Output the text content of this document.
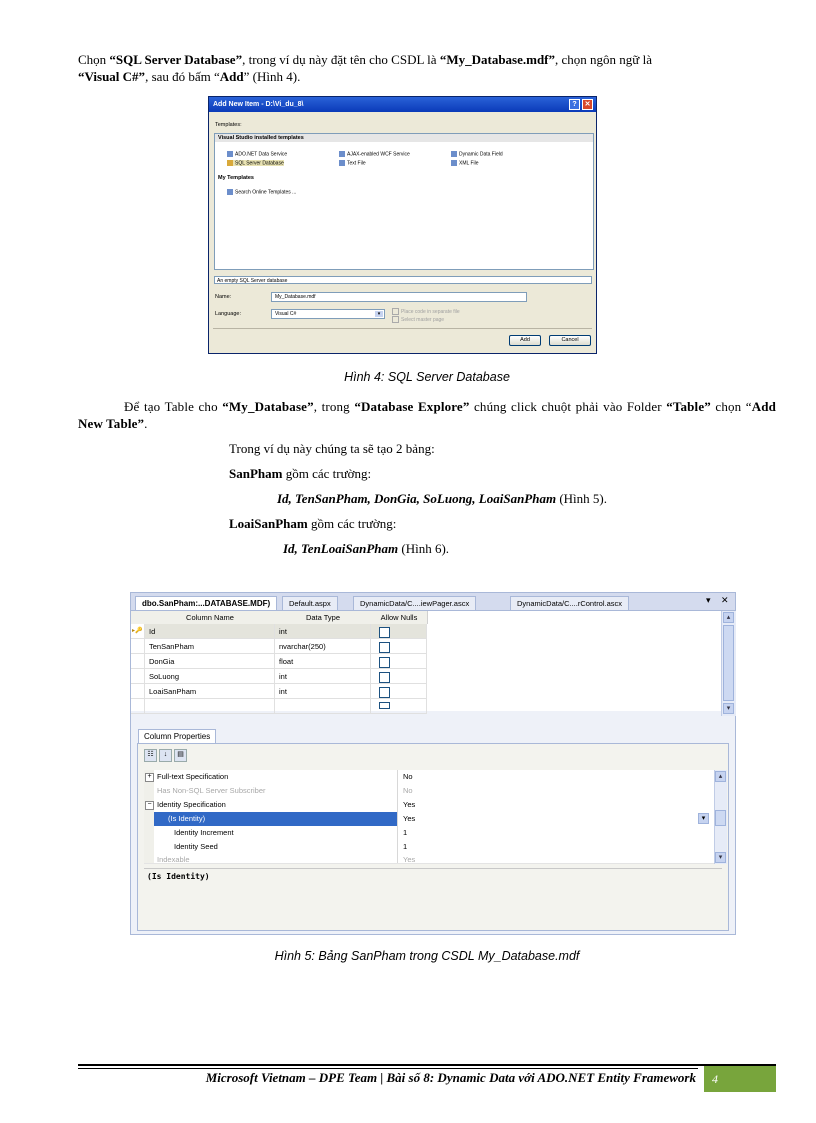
Chọn “SQL Server Database”, trong ví dụ này đặt tên cho CSDL là “My_Database.mdf”, chọn ngôn ngữ là
“Visual C#”, sau đó bấm “Add” (Hình 4).
Add New Item - D:\Vi_du_8\	?	✕
Templates:
Visual Studio installed templates
ADO.NET Data Service	AJAX-enabled WCF Service	Dynamic Data Field
SQL Server Database	Text File	XML File
My Templates
Search Online Templates ...
An empty SQL Server database
Name:	My_Database.mdf
Language:	Visual C#	▾	Place code in separate file
Select master page
Add	Cancel
Hình 4: SQL Server Database
Để tạo Table cho “My_Database”, trong “Database Explore” chúng click chuột phải vào Folder “Table” chọn “Add New Table”.
Trong ví dụ này chúng ta sẽ tạo 2 bảng:
SanPham gồm các trường:
Id, TenSanPham, DonGia, SoLuong, LoaiSanPham (Hình 5).
LoaiSanPham gồm các trường:
Id, TenLoaiSanPham (Hình 6).
dbo.SanPham:...DATABASE.MDF)	Default.aspx	DynamicData/C....iewPager.ascx	DynamicData/C....rControl.ascx	▾ ✕
Column Name	Data Type	Allow Nulls
▸🔑 Id	int
TenSanPham	nvarchar(250)
DonGia	float
SoLuong	int
LoaiSanPham	int
▴
▾
Column Properties
☷ ↓ ▤
+ Full-text Specification	No
Has Non-SQL Server Subscriber	No
− Identity Specification	Yes
(Is Identity)	Yes	▾
Identity Increment	1
Identity Seed	1
Indexable	Yes
▴
▾
(Is Identity)
Hình 5: Bảng SanPham trong CSDL My_Database.mdf
Microsoft Vietnam – DPE Team | Bài số 8: Dynamic Data với ADO.NET Entity Framework	4
